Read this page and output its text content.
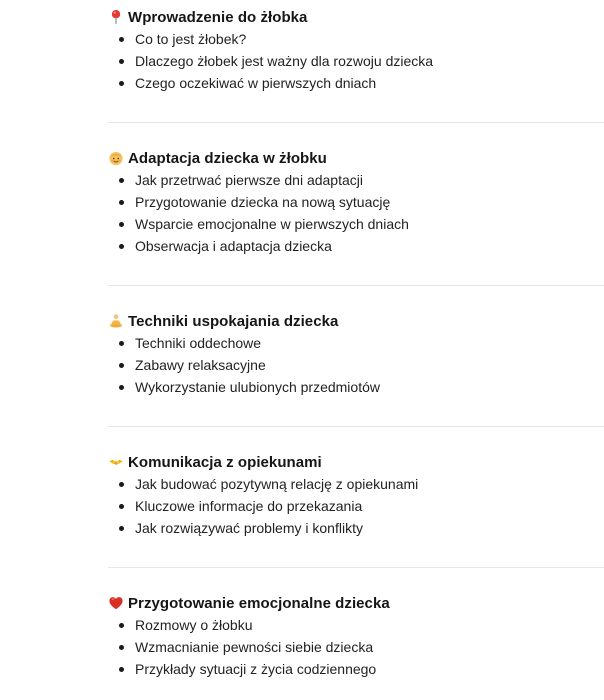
Wprowadzenie do żłobka
Co to jest żłobek?
Dlaczego żłobek jest ważny dla rozwoju dziecka
Czego oczekiwać w pierwszych dniach
Adaptacja dziecka w żłobku
Jak przetrwać pierwsze dni adaptacji
Przygotowanie dziecka na nową sytuację
Wsparcie emocjonalne w pierwszych dniach
Obserwacja i adaptacja dziecka
Techniki uspokajania dziecka
Techniki oddechowe
Zabawy relaksacyjne
Wykorzystanie ulubionych przedmiotów
Komunikacja z opiekunami
Jak budować pozytywną relację z opiekunami
Kluczowe informacje do przekazania
Jak rozwiązywać problemy i konflikty
Przygotowanie emocjonalne dziecka
Rozmowy o żłobku
Wzmacnianie pewności siebie dziecka
Przykłady sytuacji z życia codziennego
